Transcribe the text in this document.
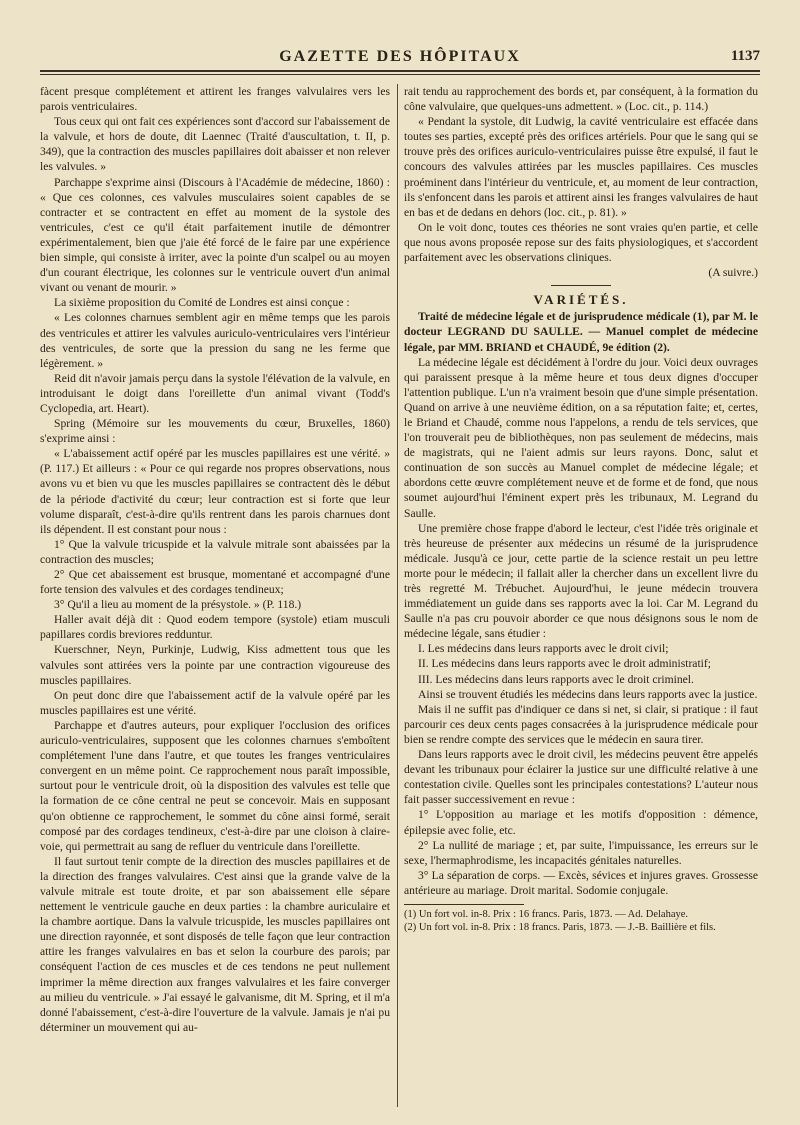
GAZETTE DES HÔPITAUX	1137

fàcent presque complétement et attirent les franges valvulaires vers les parois ventriculaires.

Tous ceux qui ont fait ces expériences sont d'accord sur l'abaissement de la valvule, et hors de doute, dit Laennec (Traité d'auscultation, t. II, p. 349), que la contraction des muscles papillaires doit abaisser et non relever les valvules. »

Parchappe s'exprime ainsi (Discours à l'Académie de médecine, 1860) : « Que ces colonnes, ces valvules musculaires soient capables de se contracter et se contractent en effet au moment de la systole des ventricules, c'est ce qu'il était parfaitement inutile de démontrer expérimentalement, bien que j'aie été forcé de le faire par une expérience bien simple, qui consiste à irriter, avec la pointe d'un scalpel ou au moyen d'un courant électrique, les colonnes sur le ventricule ouvert d'un animal vivant ou venant de mourir. »

La sixième proposition du Comité de Londres est ainsi conçue :

« Les colonnes charnues semblent agir en même temps que les parois des ventricules et attirer les valvules auriculo-ventriculaires vers l'intérieur des ventricules, de sorte que la pression du sang ne les ferme que légèrement. »

Reid dit n'avoir jamais perçu dans la systole l'élévation de la valvule, en introduisant le doigt dans l'oreillette d'un animal vivant (Todd's Cyclopedia, art. Heart).

Spring (Mémoire sur les mouvements du cœur, Bruxelles, 1860) s'exprime ainsi :

« L'abaissement actif opéré par les muscles papillaires est une vérité. » (P. 117.) Et ailleurs : « Pour ce qui regarde nos propres observations, nous avons vu et bien vu que les muscles papillaires se contractent dès le début de la période d'activité du cœur; leur contraction est si forte que leur volume disparaît, c'est-à-dire qu'ils rentrent dans les parois charnues dont ils dépendent. Il est constant pour nous :

1° Que la valvule tricuspide et la valvule mitrale sont abaissées par la contraction des muscles;

2° Que cet abaissement est brusque, momentané et accompagné d'une forte tension des valvules et des cordages tendineux;

3° Qu'il a lieu au moment de la présystole. » (P. 118.)

Haller avait déjà dit : Quod eodem tempore (systole) etiam musculi papillares cordis breviores redduntur.

Kuerschner, Neyn, Purkinje, Ludwig, Kiss admettent tous que les valvules sont attirées vers la pointe par une contraction vigoureuse des muscles papillaires.

On peut donc dire que l'abaissement actif de la valvule opéré par les muscles papillaires est une vérité.

Parchappe et d'autres auteurs, pour expliquer l'occlusion des orifices auriculo-ventriculaires, supposent que les colonnes charnues s'emboîtent complétement l'une dans l'autre, et que toutes les franges ventriculaires convergent en un même point. Ce rapprochement nous paraît impossible, surtout pour le ventricule droit, où la disposition des valvules est telle que la formation de ce cône central ne peut se concevoir. Mais en supposant qu'on obtienne ce rapprochement, le sommet du cône ainsi formé, serait composé par des cordages tendineux, c'est-à-dire par une cloison à claire-voie, qui permettrait au sang de refluer du ventricule dans l'oreillette.

Il faut surtout tenir compte de la direction des muscles papillaires et de la direction des franges valvulaires. C'est ainsi que la grande valve de la valvule mitrale est toute droite, et par son abaissement elle sépare nettement le ventricule gauche en deux parties : la chambre auriculaire et la chambre aortique. Dans la valvule tricuspide, les muscles papillaires ont une direction rayonnée, et sont disposés de telle façon que leur contraction attire les franges valvulaires en bas et selon la courbure des parois; par conséquent l'action de ces muscles et de ces tendons ne peut nullement imprimer la même direction aux franges valvulaires et les faire converger au milieu du ventricule. » J'ai essayé le galvanisme, dit M. Spring, et il m'a donné l'abaissement, c'est-à-dire l'ouverture de la valvule. Jamais je n'ai pu déterminer un mouvement qui au-

rait tendu au rapprochement des bords et, par conséquent, à la formation du cône valvulaire, que quelques-uns admettent. » (Loc. cit., p. 114.)

« Pendant la systole, dit Ludwig, la cavité ventriculaire est effacée dans toutes ses parties, excepté près des orifices artériels. Pour que le sang qui se trouve près des orifices auriculo-ventriculaires puisse être expulsé, il faut le concours des valvules attirées par les muscles papillaires. Ces muscles proéminent dans l'intérieur du ventricule, et, au moment de leur contraction, ils s'enfoncent dans les parois et attirent ainsi les franges valvulaires de haut en bas et de dedans en dehors (loc. cit., p. 81). »

On le voit donc, toutes ces théories ne sont vraies qu'en partie, et celle que nous avons proposée repose sur des faits physiologiques, et s'accordent parfaitement avec les observations cliniques.

(A suivre.)

VARIÉTÉS.

Traité de médecine légale et de jurisprudence médicale (1), par M. le docteur LEGRAND DU SAULLE. — Manuel complet de médecine légale, par MM. BRIAND et CHAUDÉ, 9e édition (2).

La médecine légale est décidément à l'ordre du jour. Voici deux ouvrages qui paraissent presque à la même heure et tous deux dignes d'occuper l'attention publique. L'un n'a vraiment besoin que d'une simple présentation. Quand on arrive à une neuvième édition, on a sa réputation faite; et, certes, le Briand et Chaudé, comme nous l'appelons, a rendu de tels services, que l'on trouverait peu de bibliothèques, non pas seulement de médecins, mais de magistrats, qui ne l'aient admis sur leurs rayons. Donc, salut et continuation de son succès au Manuel complet de médecine légale; et abordons cette œuvre complétement neuve et de forme et de fond, que nous soumet aujourd'hui l'éminent expert près les tribunaux, M. Legrand du Saulle.

Une première chose frappe d'abord le lecteur, c'est l'idée très originale et très heureuse de présenter aux médecins un résumé de la jurisprudence médicale. Jusqu'à ce jour, cette partie de la science restait un peu lettre morte pour le médecin; il fallait aller la chercher dans un excellent livre du très regretté M. Trébuchet. Aujourd'hui, le jeune médecin trouvera immédiatement un guide dans ses rapports avec la loi. Car M. Legrand du Saulle n'a pas cru pouvoir aborder ce que nous désignons sous le nom de médecine légale, sans étudier :

I. Les médecins dans leurs rapports avec le droit civil;

II. Les médecins dans leurs rapports avec le droit administratif;

III. Les médecins dans leurs rapports avec le droit criminel.

Ainsi se trouvent étudiés les médecins dans leurs rapports avec la justice.

Mais il ne suffit pas d'indiquer ce dans si net, si clair, si pratique : il faut parcourir ces deux cents pages consacrées à la jurisprudence médicale pour bien se rendre compte des services que le médecin en saura tirer.

Dans leurs rapports avec le droit civil, les médecins peuvent être appelés devant les tribunaux pour éclairer la justice sur une difficulté relative à une contestation civile. Quelles sont les principales contestations? L'auteur nous fait passer successivement en revue :

1° L'opposition au mariage et les motifs d'opposition : démence, épilepsie avec folie, etc.

2° La nullité de mariage ; et, par suite, l'impuissance, les erreurs sur le sexe, l'hermaphrodisme, les incapacités génitales naturelles.

3° La séparation de corps. — Excès, sévices et injures graves. Grossesse antérieure au mariage. Droit marital. Sodomie conjugale.

(1) Un fort vol. in-8. Prix : 16 francs. Paris, 1873. — Ad. Delahaye.

(2) Un fort vol. in-8. Prix : 18 francs. Paris, 1873. — J.-B. Baillière et fils.
